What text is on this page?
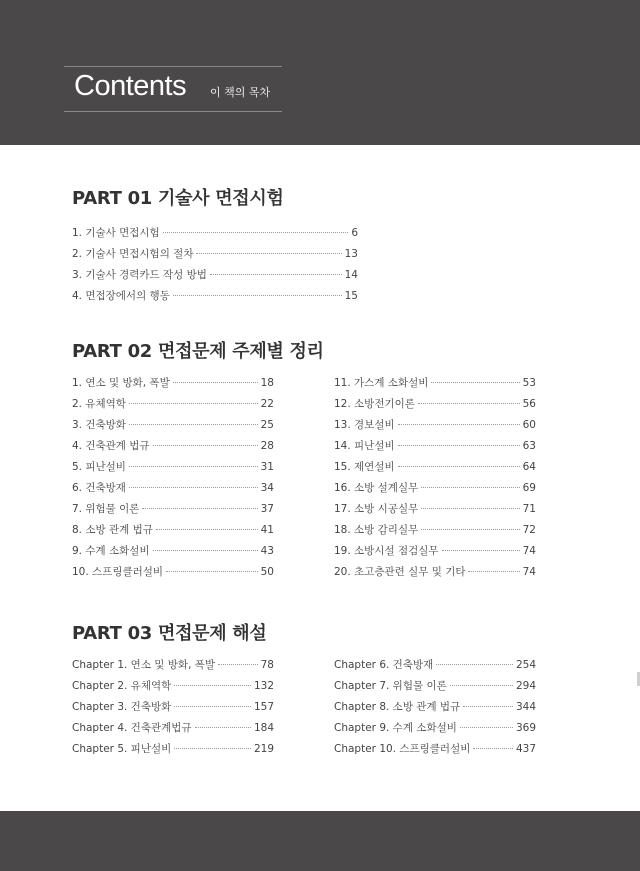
Contents 이 책의 목차
PART 01 기술사 면접시험
1. 기술사 면접시험	6
2. 기술사 면접시험의 절차	13
3. 기술사 경력카드 작성 방법	14
4. 면접장에서의 행동	15
PART 02 면접문제 주제별 정리
1. 연소 및 방화, 폭발	18
2. 유체역학	22
3. 건축방화	25
4. 건축관계 법규	28
5. 피난설비	31
6. 건축방재	34
7. 위험물 이론	37
8. 소방 관계 법규	41
9. 수계 소화설비	43
10. 스프링클러설비	50
11. 가스계 소화설비	53
12. 소방전기이론	56
13. 경보설비	60
14. 피난설비	63
15. 제연설비	64
16. 소방 설계실무	69
17. 소방 시공실무	71
18. 소방 감리실무	72
19. 소방시설 점검실무	74
20. 초고층관련 실무 및 기타	74
PART 03 면접문제 해설
Chapter 1. 연소 및 방화, 폭발	78
Chapter 2. 유체역학	132
Chapter 3. 건축방화	157
Chapter 4. 건축관계법규	184
Chapter 5. 피난설비	219
Chapter 6. 건축방재	254
Chapter 7. 위험물 이론	294
Chapter 8. 소방 관계 법규	344
Chapter 9. 수계 소화설비	369
Chapter 10. 스프링클러설비	437
